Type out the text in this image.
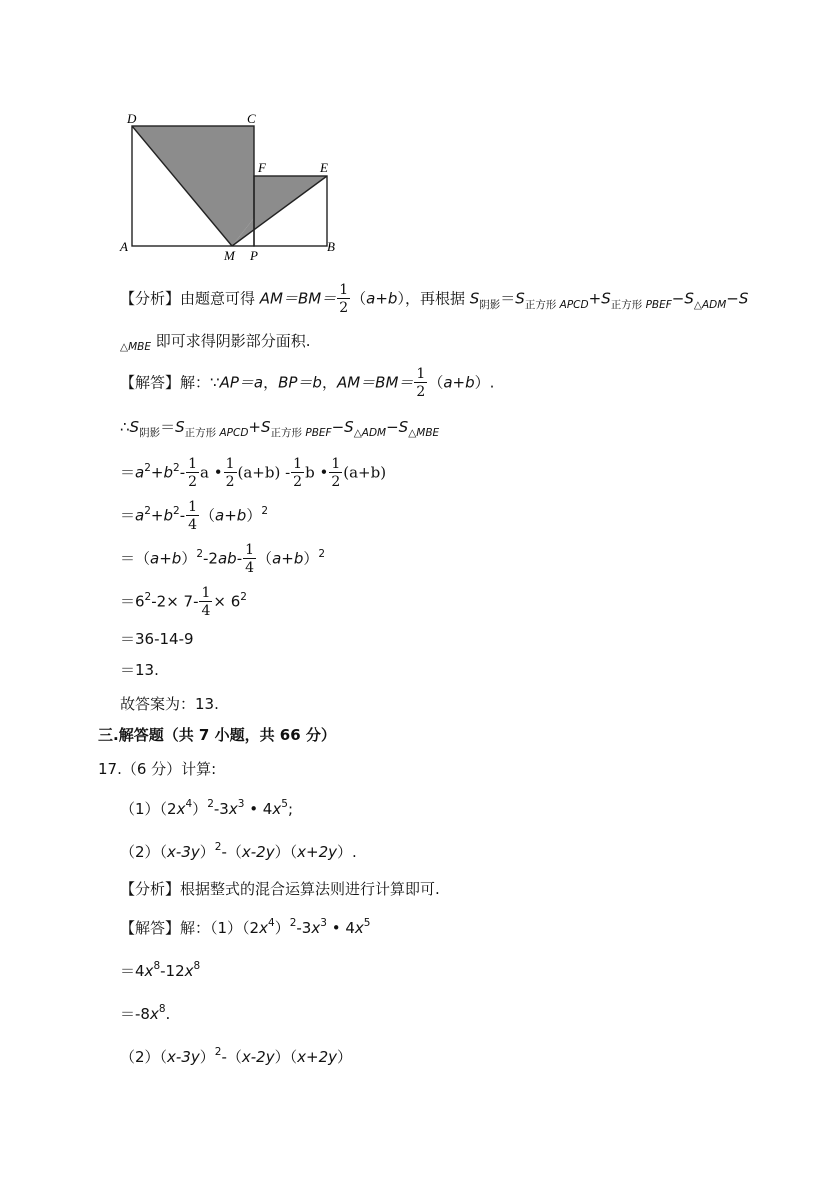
D	C
F	E
A
M P
B
【分析】由题意可得 $AM=BM= \frac{1}{2} (a+b)$，再根据 $S_{阴影}=S_{正方形}$ $_{APCD}+S_{正方形}$ $_{PBEF}-S_{\triangle ADM}-S$
$_{\triangle MBE}$ 即可求得阴影部分面积.
【解答】解：∵AP＝a，BP＝b，$AM=BM= \frac{1}{2} (a+b)$.
$\therefore S_{阴影}=S_{正方形}$ $_{APCD}+S_{正方形}$ $_{PBEF}-S_{\triangle ADM}-S_{\triangle MBE}$
$=a^2+b^2- \frac{1}{2}$ a • $\frac{1}{2} (a+b) - \frac{1}{2}$ b • $\frac{1}{2} (a+b)$
$=a^2+b^2- \frac{1}{4} (a+b)^2$
$=(a+b)^2-2ab- \frac{1}{4} (a+b)^2$
$=6^2-2\times 7- \frac{1}{4} \times 6^2$
＝36-14-9
＝13.
故答案为：13.
三.解答题（共 7 小题，共 66 分）
17.（6 分）计算:
$(1)(2x^4)^2-3x^3$ • $4x^5$;
$(2)(x-3y)^2-(x-2y)(x+2y)$.
【分析】根据整式的混合运算法则进行计算即可.
【解答】解：$(1)(2x^4)^2-3x^3$ • $4x^5$
$=4x^8-12x^8$
$=-8x^8$.
$(2)(x-3y)^2-(x-2y)(x+2y)$
